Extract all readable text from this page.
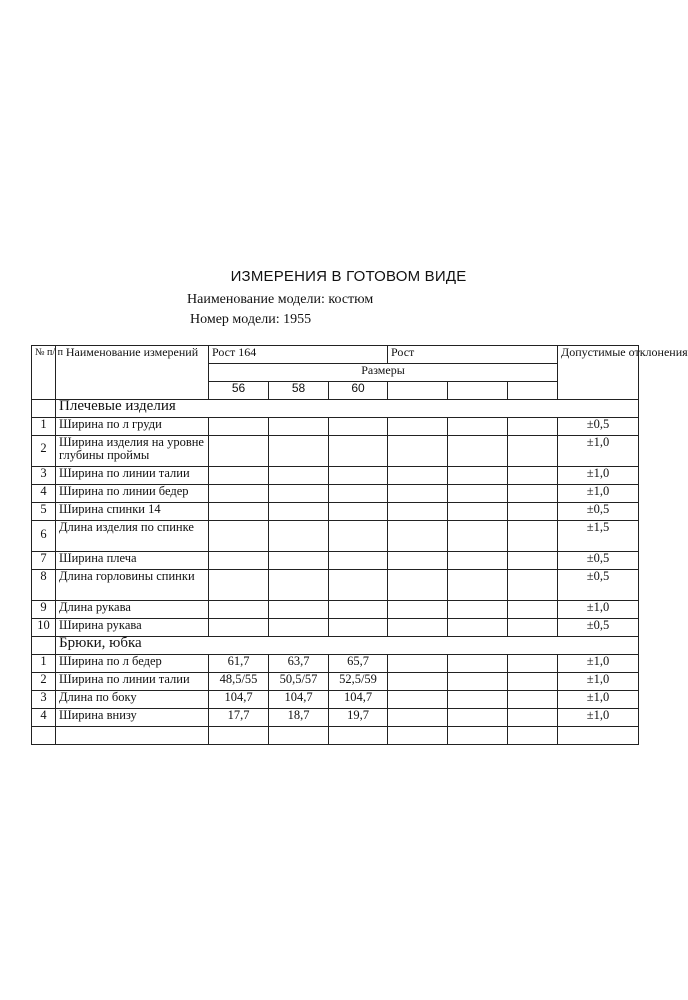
ИЗМЕРЕНИЯ В ГОТОВОМ ВИДЕ
Наименование модели: костюм
Номер модели: 1955
№ п/ п	Наименование измерений	Рост 164			Рост			Допустимые отклонения
		Размеры						
		56	58	60				
	Плечевые изделия							
1	Ширина по л груди							±0,5
2	Ширина изделия на уровне глубины проймы							±1,0
3	Ширина по линии талии							±1,0
4	Ширина по линии бедер							±1,0
5	Ширина спинки 14							±0,5
6	Длина изделия по спинке							±1,5
7	Ширина плеча							±0,5
8	Длина горловины спинки							±0,5
9	Длина рукава							±1,0
10	Ширина рукава							±0,5
	Брюки, юбка							
1	Ширина по л бедер	61,7	63,7	65,7				±1,0
2	Ширина по линии талии	48,5/55	50,5/57	52,5/59				±1,0
3	Длина по боку	104,7	104,7	104,7				±1,0
4	Ширина внизу	17,7	18,7	19,7				±1,0
